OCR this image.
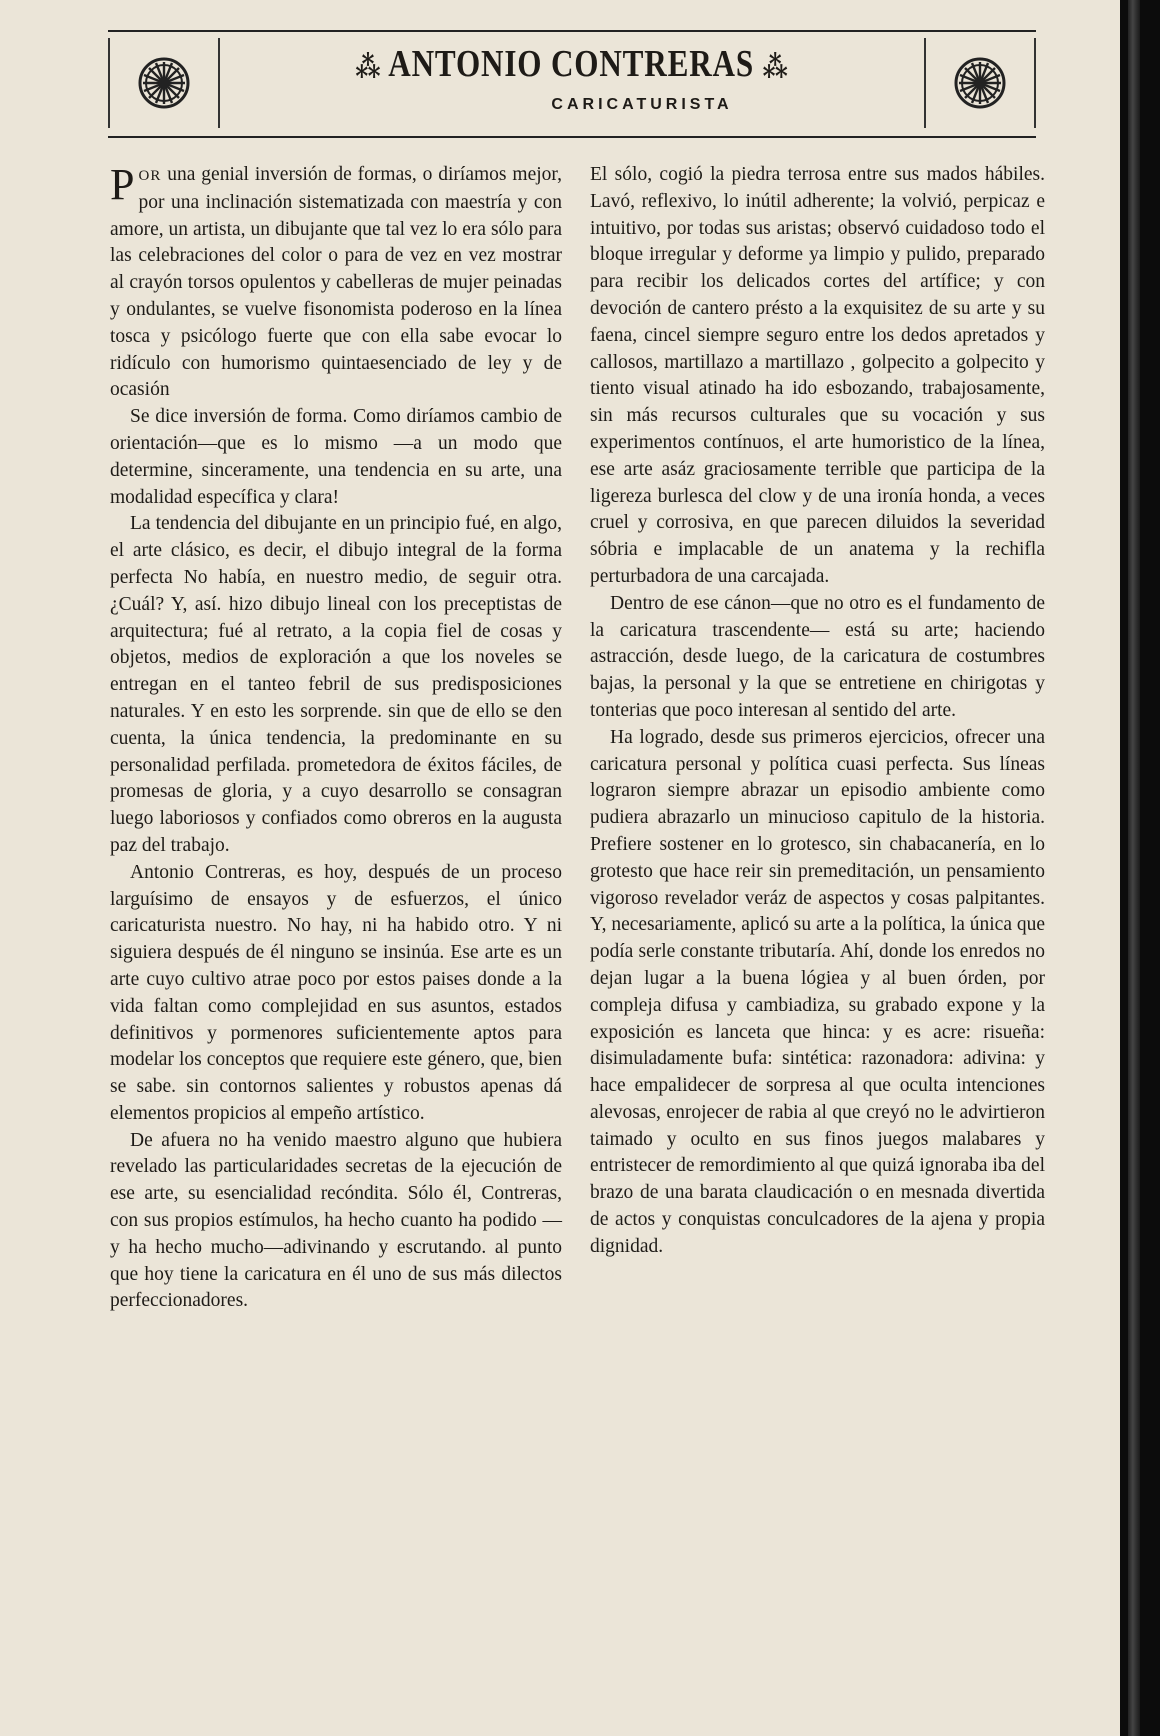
⁂ ANTONIO CONTRERAS ⁂
CARICATURISTA

POR una genial inversión de formas, o diríamos mejor, por una inclinación sistematizada con maestría y con amore, un artista, un dibujante que tal vez lo era sólo para las celebraciones del color o para de vez en vez mostrar al crayón torsos opulentos y cabelleras de mujer peinadas y ondulantes, se vuelve fisonomista poderoso en la línea tosca y psicólogo fuerte que con ella sabe evocar lo ridículo con humorismo quintaesenciado de ley y de ocasión

Se dice inversión de forma. Como diríamos cambio de orientación—que es lo mismo —a un modo que determine, sinceramente, una tendencia en su arte, una modalidad específica y clara!

La tendencia del dibujante en un principio fué, en algo, el arte clásico, es decir, el dibujo integral de la forma perfecta No había, en nuestro medio, de seguir otra. ¿Cuál? Y, así. hizo dibujo lineal con los preceptistas de arquitectura; fué al retrato, a la copia fiel de cosas y objetos, medios de exploración a que los noveles se entregan en el tanteo febril de sus predisposiciones naturales. Y en esto les sorprende. sin que de ello se den cuenta, la única tendencia, la predominante en su personalidad perfilada. prometedora de éxitos fáciles, de promesas de gloria, y a cuyo desarrollo se consagran luego laboriosos y confiados como obreros en la augusta paz del trabajo.

Antonio Contreras, es hoy, después de un proceso larguísimo de ensayos y de esfuerzos, el único caricaturista nuestro. No hay, ni ha habido otro. Y ni siguiera después de él ninguno se insinúa. Ese arte es un arte cuyo cultivo atrae poco por estos paises donde a la vida faltan como complejidad en sus asuntos, estados definitivos y pormenores suficientemente aptos para modelar los conceptos que requiere este género, que, bien se sabe. sin contornos salientes y robustos apenas dá elementos propicios al empeño artístico.

De afuera no ha venido maestro alguno que hubiera revelado las particularidades secretas de la ejecución de ese arte, su esencialidad recóndita. Sólo él, Contreras, con sus propios estímulos, ha hecho cuanto ha podido —y ha hecho mucho—adivinando y escrutando. al punto que hoy tiene la caricatura en él uno de sus más dilectos perfeccionadores.

El sólo, cogió la piedra terrosa entre sus mados hábiles. Lavó, reflexivo, lo inútil adherente; la volvió, perpicaz e intuitivo, por todas sus aristas; observó cuidadoso todo el bloque irregular y deforme ya limpio y pulido, preparado para recibir los delicados cortes del artífice; y con devoción de cantero présto a la exquisitez de su arte y su faena, cincel siempre seguro entre los dedos apretados y callosos, martillazo a martillazo , golpecito a golpecito y tiento visual atinado ha ido esbozando, trabajosamente, sin más recursos culturales que su vocación y sus experimentos contínuos, el arte humoristico de la línea, ese arte asáz graciosamente terrible que participa de la ligereza burlesca del clow y de una ironía honda, a veces cruel y corrosiva, en que parecen diluidos la severidad sóbria e implacable de un anatema y la rechifla perturbadora de una carcajada.

Dentro de ese cánon—que no otro es el fundamento de la caricatura trascendente— está su arte; haciendo astracción, desde luego, de la caricatura de costumbres bajas, la personal y la que se entretiene en chirigotas y tonterias que poco interesan al sentido del arte.

Ha logrado, desde sus primeros ejercicios, ofrecer una caricatura personal y política cuasi perfecta. Sus líneas lograron siempre abrazar un episodio ambiente como pudiera abrazarlo un minucioso capitulo de la historia. Prefiere sostener en lo grotesco, sin chabacanería, en lo grotesto que hace reir sin premeditación, un pensamiento vigoroso revelador veráz de aspectos y cosas palpitantes. Y, necesariamente, aplicó su arte a la política, la única que podía serle constante tributaría. Ahí, donde los enredos no dejan lugar a la buena lógiea y al buen órden, por compleja difusa y cambiadiza, su grabado expone y la exposición es lanceta que hinca: y es acre: risueña: disimuladamente bufa: sintética: razonadora: adivina: y hace empalidecer de sorpresa al que oculta intenciones alevosas, enrojecer de rabia al que creyó no le advirtieron taimado y oculto en sus finos juegos malabares y entristecer de remordimiento al que quizá ignoraba iba del brazo de una barata claudicación o en mesnada divertida de actos y conquistas conculcadores de la ajena y propia dignidad.
